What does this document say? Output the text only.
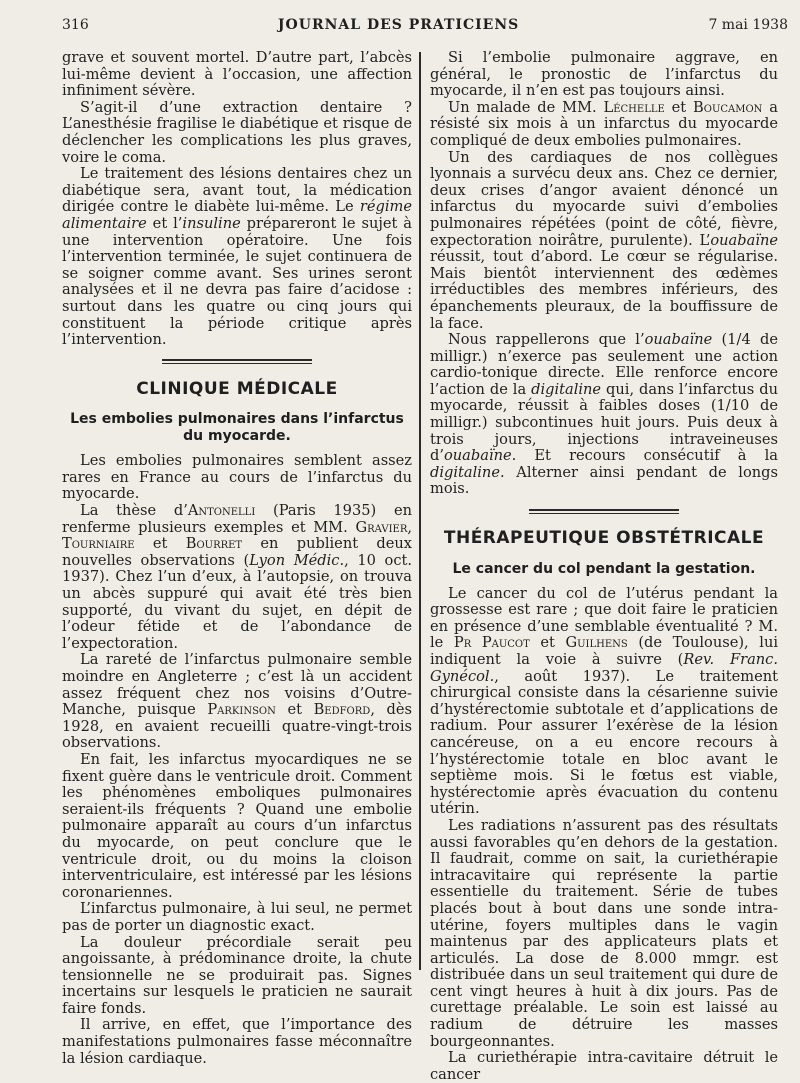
316	JOURNAL DES PRATICIENS	7 mai 1938

grave et souvent mortel. D’autre part, l’abcès lui-même devient à l’occasion, une affection infiniment sévère.

S’agit-il d’une extraction dentaire ? L’anesthésie fragilise le diabétique et risque de déclencher les complications les plus graves, voire le coma.

Le traitement des lésions dentaires chez un diabétique sera, avant tout, la médication dirigée contre le diabète lui-même. Le régime alimentaire et l’insuline prépareront le sujet à une intervention opératoire. Une fois l’intervention terminée, le sujet continuera de se soigner comme avant. Ses urines seront analysées et il ne devra pas faire d’acidose : surtout dans les quatre ou cinq jours qui constituent la période critique après l’intervention.

CLINIQUE MÉDICALE
Les embolies pulmonaires dans l’infarctus du myocarde.

Les embolies pulmonaires semblent assez rares en France au cours de l’infarctus du myocarde.

La thèse d’Antonelli (Paris 1935) en renferme plusieurs exemples et MM. Gravier, Tourniaire et Bourret en publient deux nouvelles observations (Lyon Médic., 10 oct. 1937). Chez l’un d’eux, à l’autopsie, on trouva un abcès suppuré qui avait été très bien supporté, du vivant du sujet, en dépit de l’odeur fétide et de l’abondance de l’expectoration.

La rareté de l’infarctus pulmonaire semble moindre en Angleterre ; c’est là un accident assez fréquent chez nos voisins d’Outre-Manche, puisque Parkinson et Bedford, dès 1928, en avaient recueilli quatre-vingt-trois observations.

En fait, les infarctus myocardiques ne se fixent guère dans le ventricule droit. Comment les phénomènes emboliques pulmonaires seraient-ils fréquents ? Quand une embolie pulmonaire apparaît au cours d’un infarctus du myocarde, on peut conclure que le ventricule droit, ou du moins la cloison interventriculaire, est intéressé par les lésions coronariennes.

L’infarctus pulmonaire, à lui seul, ne permet pas de porter un diagnostic exact.

La douleur précordiale serait peu angoissante, à prédominance droite, la chute tensionnelle ne se produirait pas. Signes incertains sur lesquels le praticien ne saurait faire fonds.

Il arrive, en effet, que l’importance des manifestations pulmonaires fasse méconnaître la lésion cardiaque.

Si l’embolie pulmonaire aggrave, en général, le pronostic de l’infarctus du myocarde, il n’en est pas toujours ainsi.

Un malade de MM. Léchelle et Boucamon a résisté six mois à un infarctus du myocarde compliqué de deux embolies pulmonaires.

Un des cardiaques de nos collègues lyonnais a survécu deux ans. Chez ce dernier, deux crises d’angor avaient dénoncé un infarctus du myocarde suivi d’embolies pulmonaires répétées (point de côté, fièvre, expectoration noirâtre, purulente). L’ouabaïne réussit, tout d’abord. Le cœur se régularise. Mais bientôt interviennent des œdèmes irréductibles des membres inférieurs, des épanchements pleuraux, de la bouffissure de la face.

Nous rappellerons que l’ouabaïne (1/4 de milligr.) n’exerce pas seulement une action cardio-tonique directe. Elle renforce encore l’action de la digitaline qui, dans l’infarctus du myocarde, réussit à faibles doses (1/10 de milligr.) subcontinues huit jours. Puis deux à trois jours, injections intraveineuses d’ouabaïne. Et recours consécutif à la digitaline. Alterner ainsi pendant de longs mois.

THÉRAPEUTIQUE OBSTÉTRICALE
Le cancer du col pendant la gestation.

Le cancer du col de l’utérus pendant la grossesse est rare ; que doit faire le praticien en présence d’une semblable éventualité ? M. le Pr Paucot et Guilhens (de Toulouse), lui indiquent la voie à suivre (Rev. Franc. Gynécol., août 1937). Le traitement chirurgical consiste dans la césarienne suivie d’hystérectomie subtotale et d’applications de radium. Pour assurer l’exérèse de la lésion cancéreuse, on a eu encore recours à l’hystérectomie totale en bloc avant le septième mois. Si le fœtus est viable, hystérectomie après évacuation du contenu utérin.

Les radiations n’assurent pas des résultats aussi favorables qu’en dehors de la gestation. Il faudrait, comme on sait, la curiethérapie intracavitaire qui représente la partie essentielle du traitement. Série de tubes placés bout à bout dans une sonde intra-utérine, foyers multiples dans le vagin maintenus par des applicateurs plats et articulés. La dose de 8.000 mmgr. est distribuée dans un seul traitement qui dure de cent vingt heures à huit à dix jours. Pas de curettage préalable. Le soin est laissé au radium de détruire les masses bourgeonnantes.

La curiethérapie intra-cavitaire détruit le cancer
